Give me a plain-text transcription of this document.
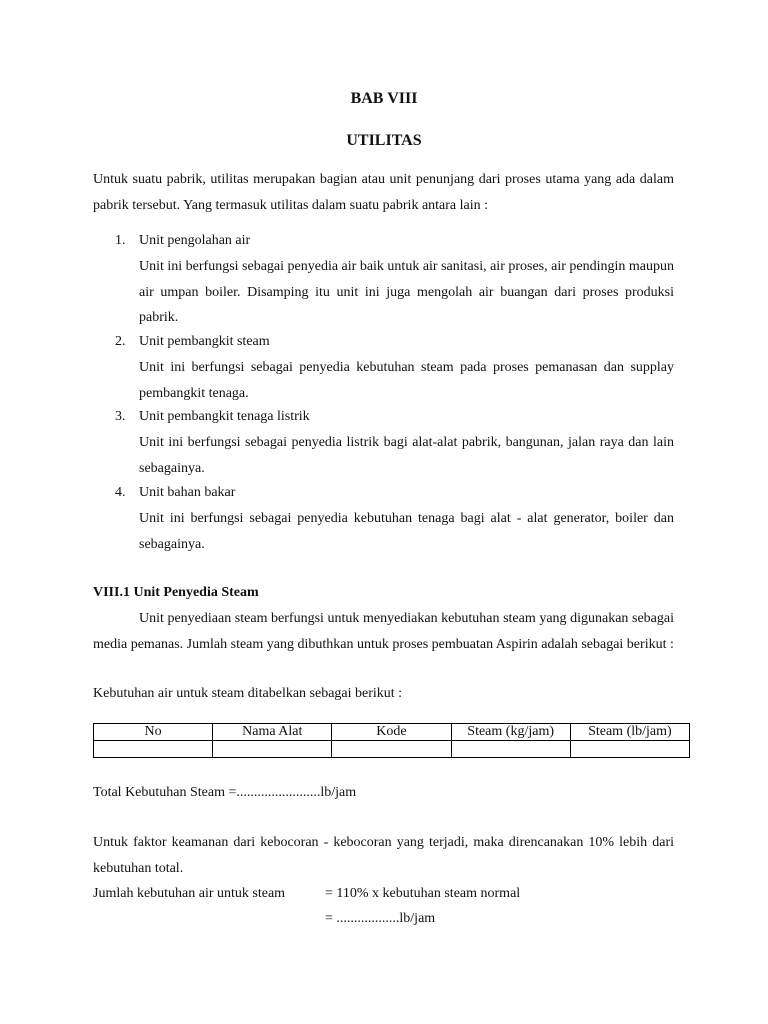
BAB VIII
UTILITAS
Untuk suatu pabrik, utilitas merupakan bagian atau unit penunjang dari proses utama yang ada dalam pabrik tersebut. Yang termasuk utilitas dalam suatu pabrik antara lain :
1. Unit pengolahan air
Unit ini berfungsi sebagai penyedia air baik untuk air sanitasi, air proses, air pendingin maupun air umpan boiler. Disamping itu unit ini juga mengolah air buangan dari proses produksi pabrik.
2. Unit pembangkit steam
Unit ini berfungsi sebagai penyedia kebutuhan steam pada proses pemanasan dan supplay pembangkit tenaga.
3. Unit pembangkit tenaga listrik
Unit ini berfungsi sebagai penyedia listrik bagi alat-alat pabrik, bangunan, jalan raya dan lain sebagainya.
4. Unit bahan bakar
Unit ini berfungsi sebagai penyedia kebutuhan tenaga bagi alat - alat generator, boiler dan sebagainya.
VIII.1 Unit Penyedia Steam
Unit penyediaan steam berfungsi untuk menyediakan kebutuhan steam yang digunakan sebagai media pemanas. Jumlah steam yang dibuthkan untuk proses pembuatan Aspirin adalah sebagai berikut :
Kebutuhan air untuk steam ditabelkan sebagai berikut :
No	Nama Alat	Kode	Steam (kg/jam)	Steam (lb/jam)

Total Kebutuhan Steam =........................lb/jam
Untuk faktor keamanan dari kebocoran - kebocoran yang terjadi, maka direncanakan 10% lebih dari kebutuhan total.
Jumlah kebutuhan air untuk steam	= 110% x kebutuhan steam normal
= ..................lb/jam
